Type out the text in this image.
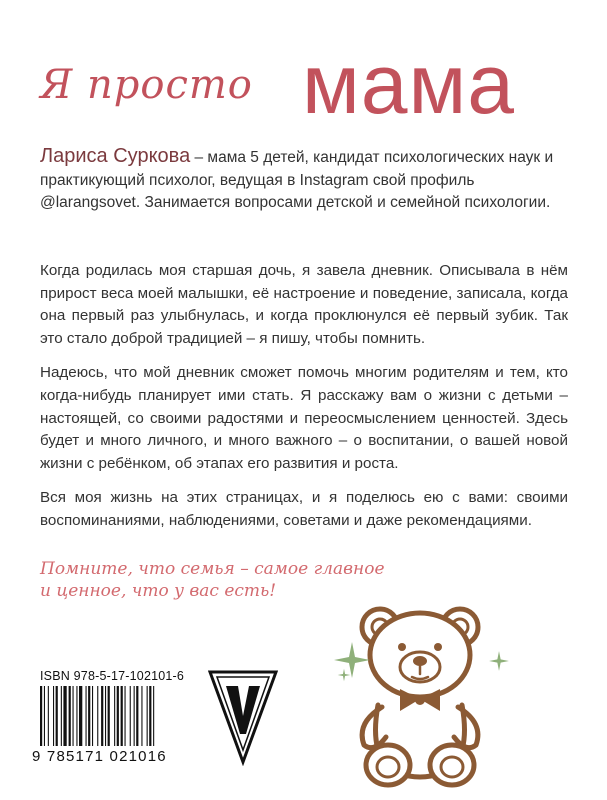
Я просто мама
Лариса Суркова – мама 5 детей, кандидат психологических наук и практикующий психолог, ведущая в Instagram свой профиль @larangsovet. Занимается вопросами детской и семейной психологии.

Когда родилась моя старшая дочь, я завела дневник. Описывала в нём прирост веса моей малышки, её настроение и поведение, записала, когда она первый раз улыбнулась, и когда проклюнулся её первый зубик. Так это стало доброй традицией – я пишу, чтобы помнить.

Надеюсь, что мой дневник сможет помочь многим родителям и тем, кто когда-нибудь планирует ими стать. Я расскажу вам о жизни с детьми – настоящей, со своими радостями и переосмыслением ценностей. Здесь будет и много личного, и много важного – о воспитании, о вашей новой жизни с ребёнком, об этапах его развития и роста.

Вся моя жизнь на этих страницах, и я поделюсь ею с вами: своими воспоминаниями, наблюдениями, советами и даже рекомендациями.

Помните, что семья – самое главное
и ценное, что у вас есть!
ISBN 978-5-17-102101-6
9 785171 021016
